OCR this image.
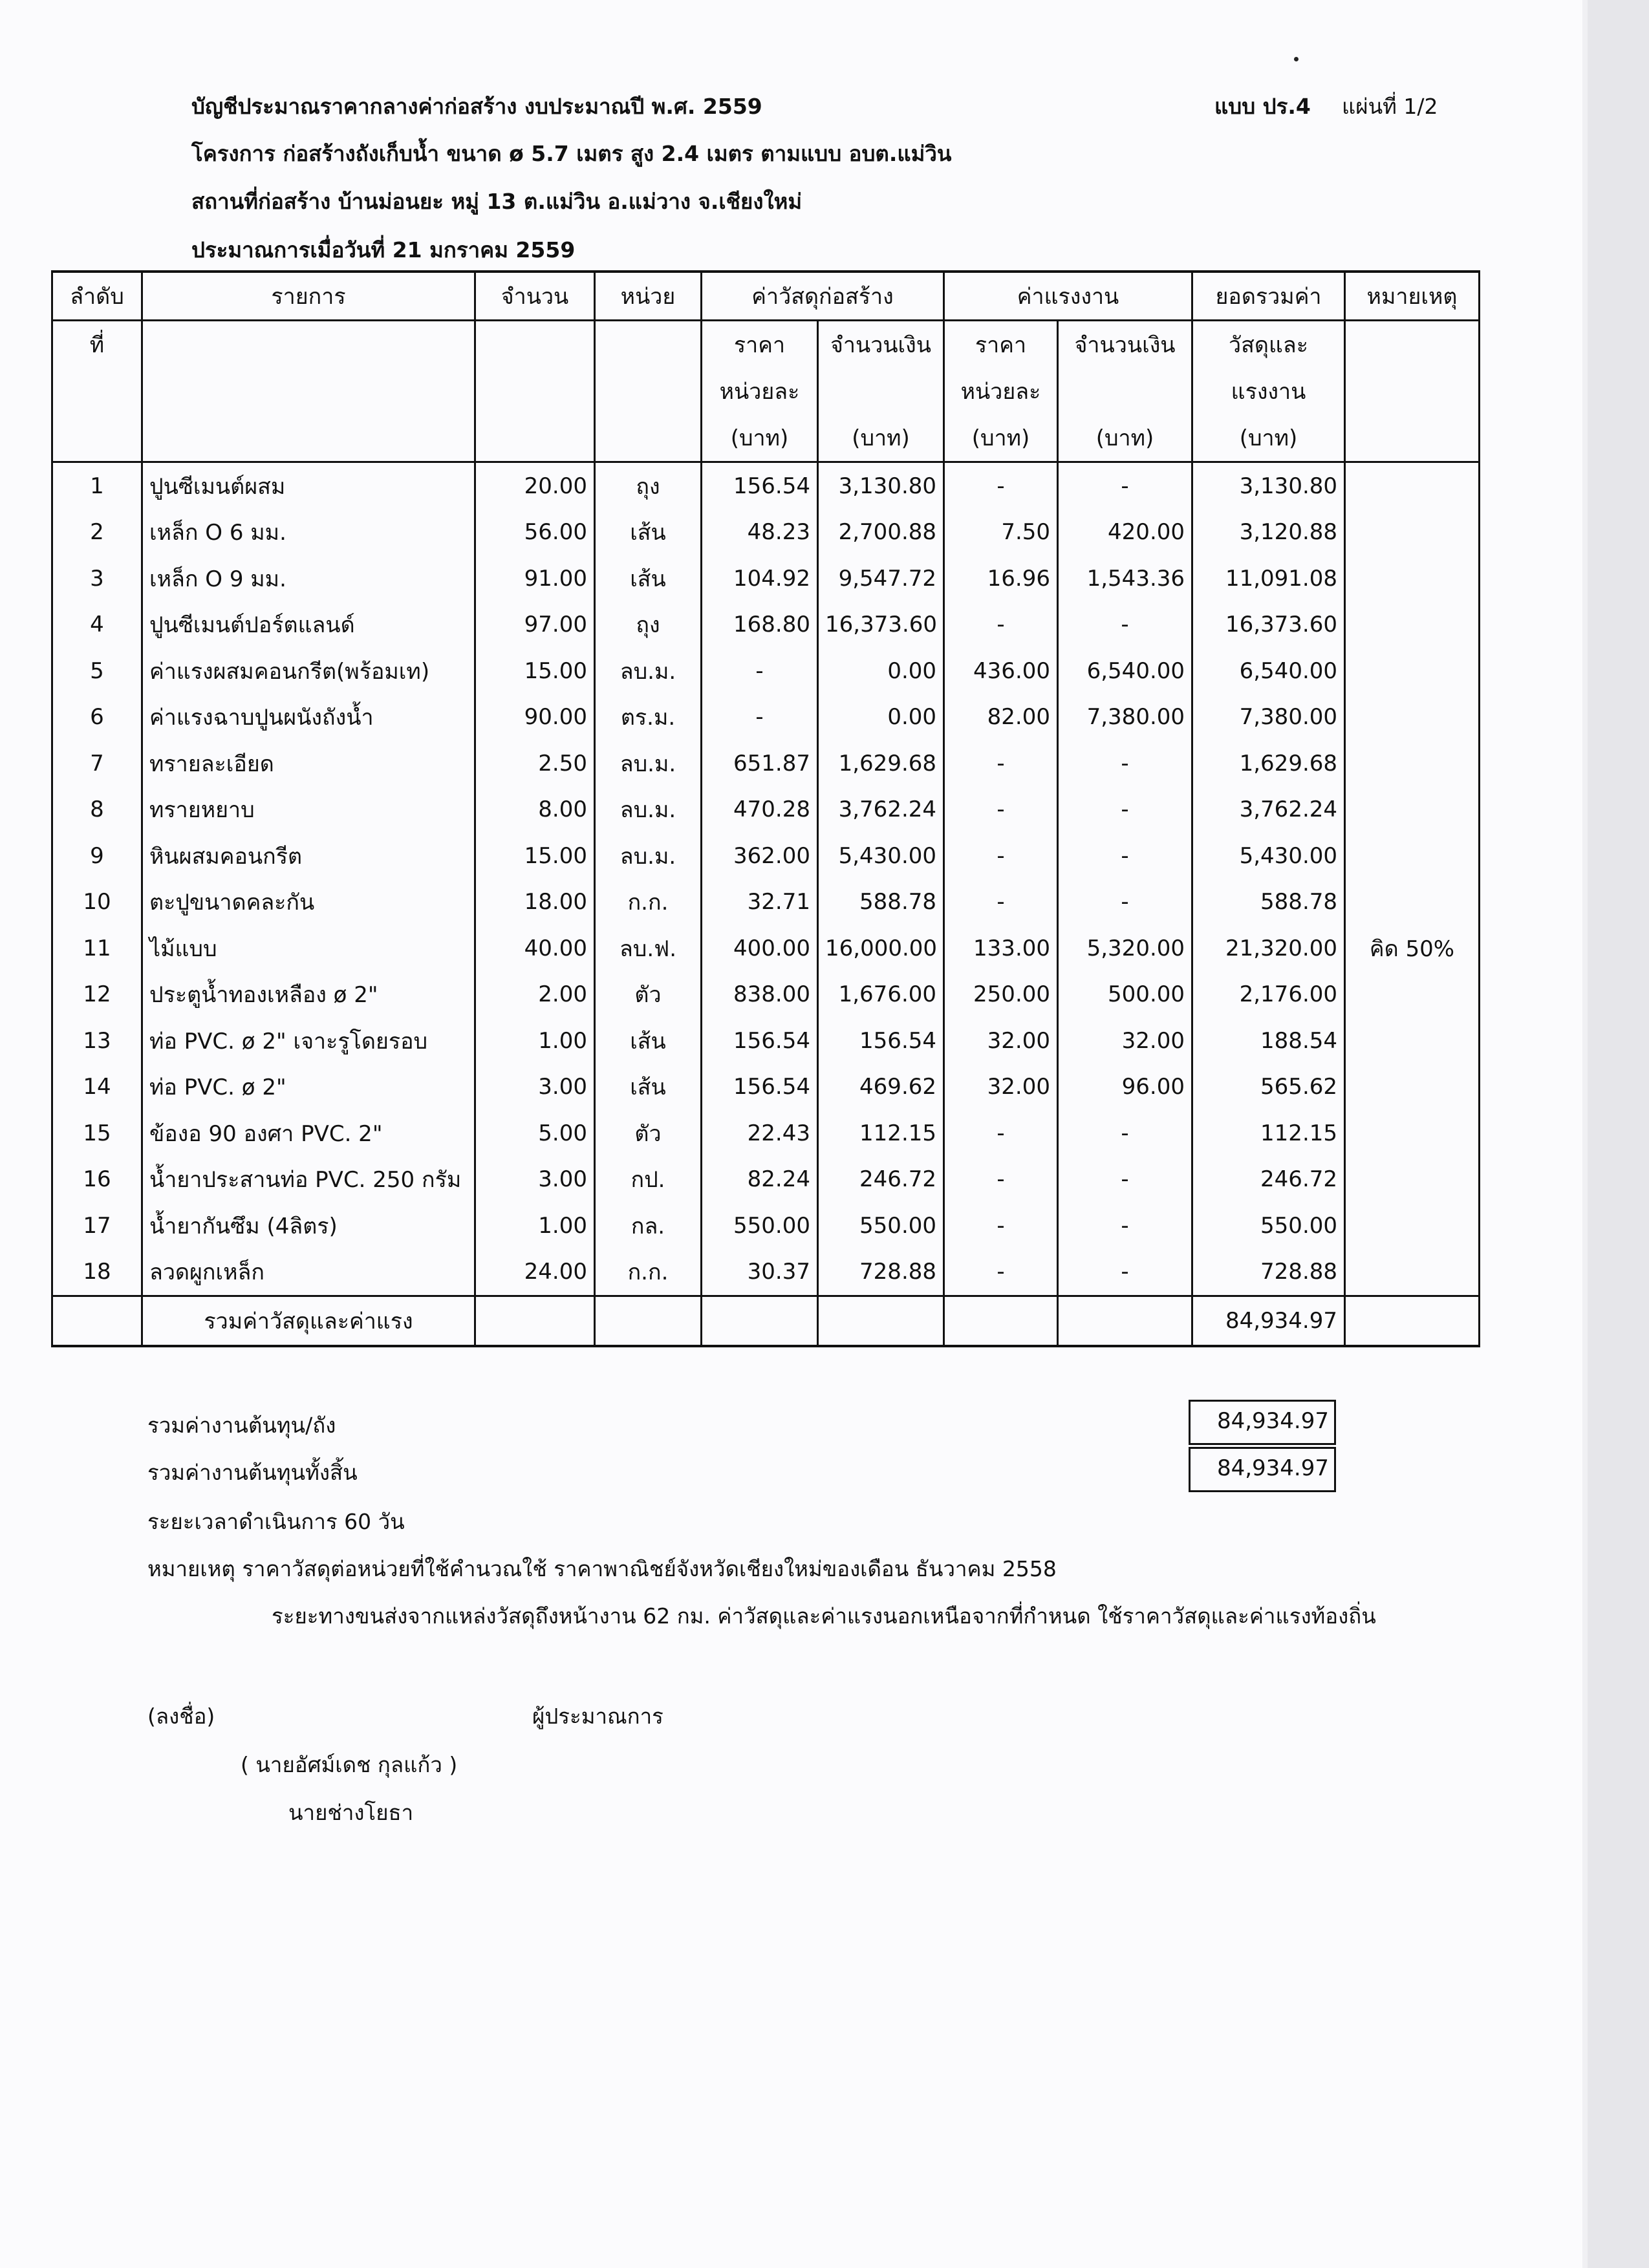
บัญชีประมาณราคากลางค่าก่อสร้าง งบประมาณปี พ.ศ. 2559	แบบ ปร.4 แผ่นที่ 1/2
โครงการ ก่อสร้างถังเก็บน้ำ ขนาด ø 5.7 เมตร สูง 2.4 เมตร ตามแบบ อบต.แม่วิน
สถานที่ก่อสร้าง บ้านม่อนยะ หมู่ 13 ต.แม่วิน อ.แม่วาง จ.เชียงใหม่
ประมาณการเมื่อวันที่ 21 มกราคม 2559
ลำดับ	รายการ	จำนวน	หน่วย	ค่าวัสดุก่อสร้าง		ค่าแรงงาน		ยอดรวมค่า	หมายเหตุ
ที่				ราคา	จำนวนเงิน	ราคา	จำนวนเงิน	วัสดุและ	
				หน่วยละ		หน่วยละ		แรงงาน	
				(บาท)	(บาท)	(บาท)	(บาท)	(บาท)	
1	ปูนซีเมนต์ผสม	20.00	ถุง	156.54	3,130.80	-	-	3,130.80	
2	เหล็ก O 6 มม.	56.00	เส้น	48.23	2,700.88	7.50	420.00	3,120.88	
3	เหล็ก O 9 มม.	91.00	เส้น	104.92	9,547.72	16.96	1,543.36	11,091.08	
4	ปูนซีเมนต์ปอร์ตแลนด์	97.00	ถุง	168.80	16,373.60	-	-	16,373.60	
5	ค่าแรงผสมคอนกรีต(พร้อมเท)	15.00	ลบ.ม.	-	0.00	436.00	6,540.00	6,540.00	
6	ค่าแรงฉาบปูนผนังถังน้ำ	90.00	ตร.ม.	-	0.00	82.00	7,380.00	7,380.00	
7	ทรายละเอียด	2.50	ลบ.ม.	651.87	1,629.68	-	-	1,629.68	
8	ทรายหยาบ	8.00	ลบ.ม.	470.28	3,762.24	-	-	3,762.24	
9	หินผสมคอนกรีต	15.00	ลบ.ม.	362.00	5,430.00	-	-	5,430.00	
10	ตะปูขนาดคละกัน	18.00	ก.ก.	32.71	588.78	-	-	588.78	
11	ไม้แบบ	40.00	ลบ.ฟ.	400.00	16,000.00	133.00	5,320.00	21,320.00	คิด 50%
12	ประตูน้ำทองเหลือง ø 2"	2.00	ตัว	838.00	1,676.00	250.00	500.00	2,176.00	
13	ท่อ PVC. ø 2" เจาะรูโดยรอบ	1.00	เส้น	156.54	156.54	32.00	32.00	188.54	
14	ท่อ PVC. ø 2"	3.00	เส้น	156.54	469.62	32.00	96.00	565.62	
15	ข้องอ 90 องศา PVC. 2"	5.00	ตัว	22.43	112.15	-	-	112.15	
16	น้ำยาประสานท่อ PVC. 250 กรัม	3.00	กป.	82.24	246.72	-	-	246.72	
17	น้ำยากันซึม (4ลิตร)	1.00	กล.	550.00	550.00	-	-	550.00	
18	ลวดผูกเหล็ก	24.00	ก.ก.	30.37	728.88	-	-	728.88	
	รวมค่าวัสดุและค่าแรง							84,934.97	
รวมค่างานต้นทุน/ถัง	84,934.97
รวมค่างานต้นทุนทั้งสิ้น	84,934.97
ระยะเวลาดำเนินการ 60 วัน
หมายเหตุ ราคาวัสดุต่อหน่วยที่ใช้คำนวณใช้ ราคาพาณิชย์จังหวัดเชียงใหม่ของเดือน ธันวาคม 2558
ระยะทางขนส่งจากแหล่งวัสดุถึงหน้างาน 62 กม. ค่าวัสดุและค่าแรงนอกเหนือจากที่กำหนด ใช้ราคาวัสดุและค่าแรงท้องถิ่น
(ลงชื่อ)	ผู้ประมาณการ
( นายอัศม์เดช กุลแก้ว )
นายช่างโยธา
